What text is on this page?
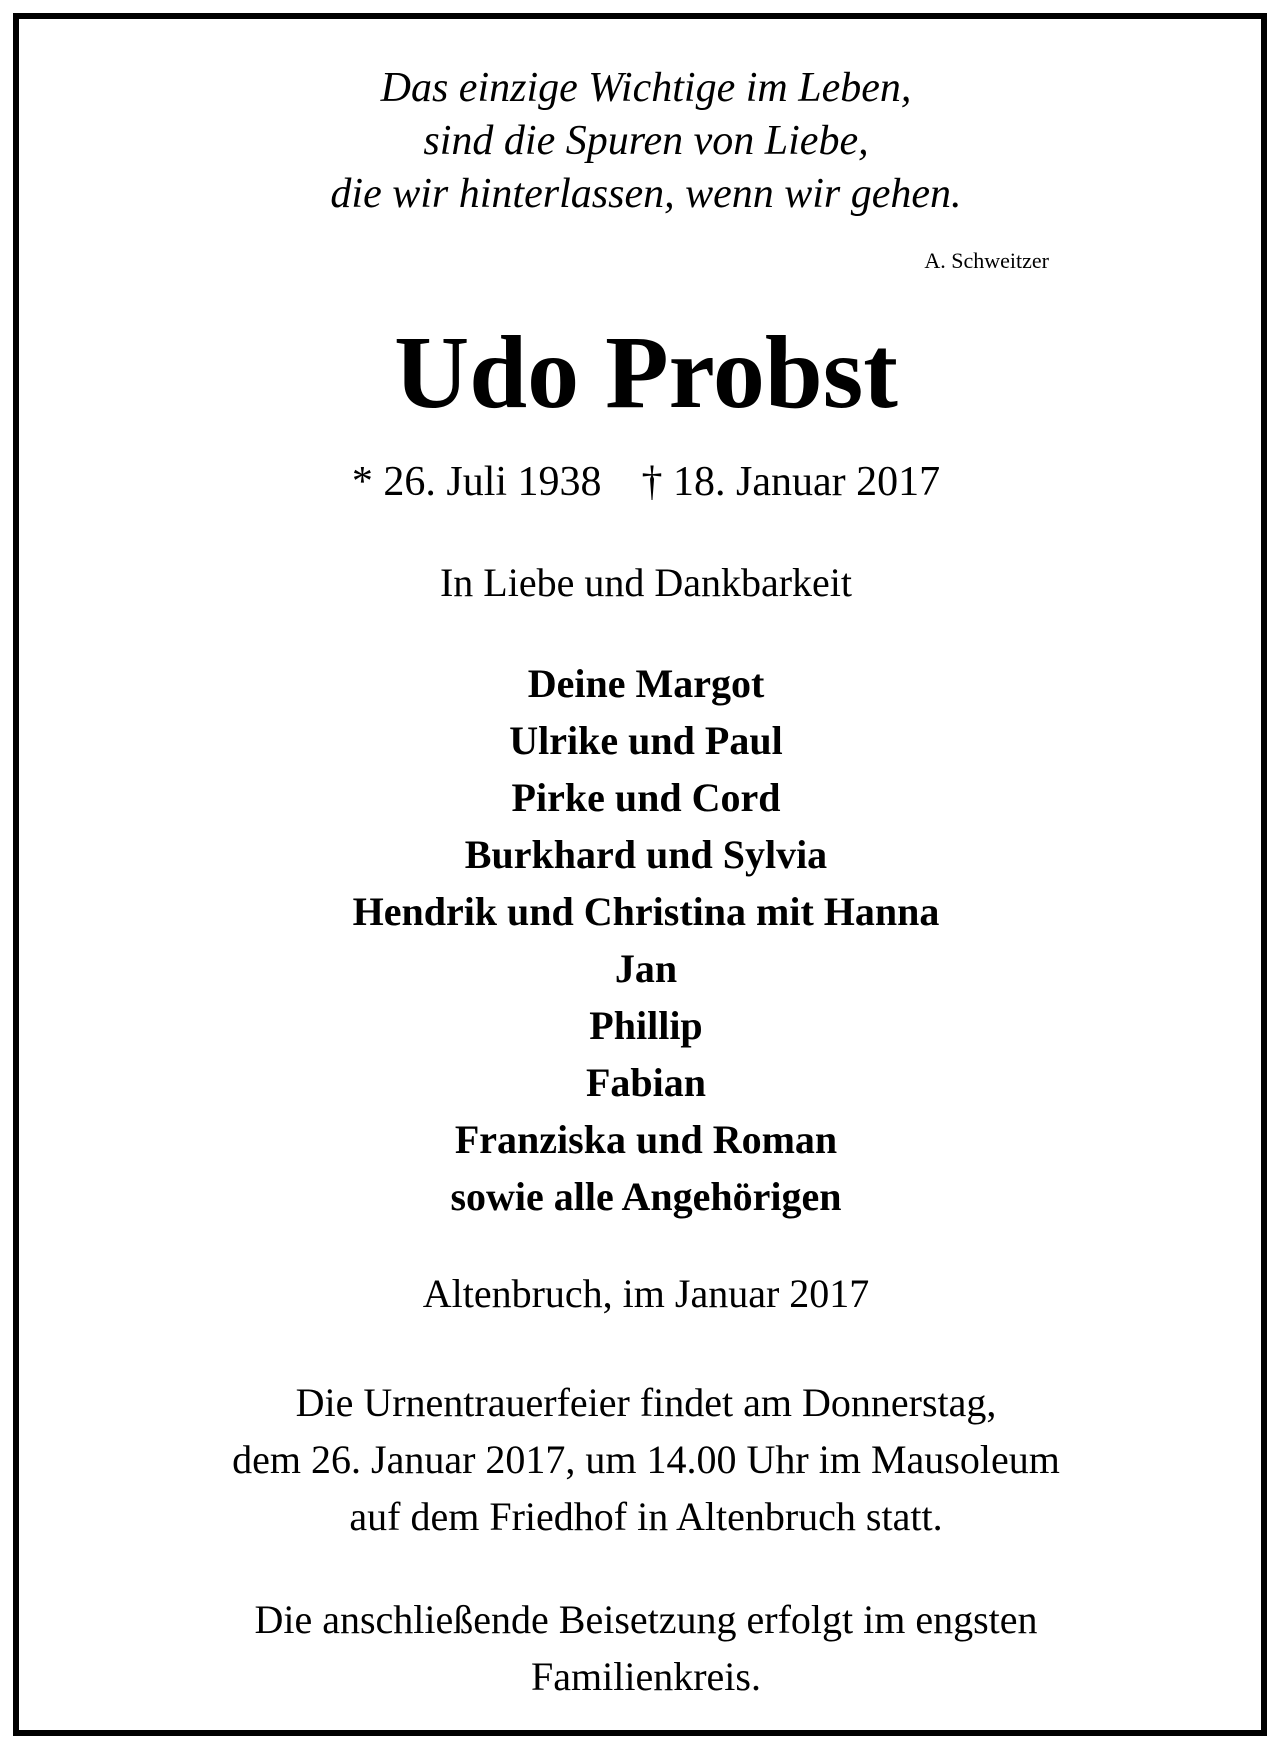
Das einzige Wichtige im Leben,

sind die Spuren von Liebe,

die wir hinterlassen, wenn wir gehen.

A. Schweitzer
Udo Probst

* 26. Juli 1938 † 18. Januar 2017

In Liebe und Dankbarkeit

Deine Margot

Ulrike und Paul

Pirke und Cord

Burkhard und Sylvia

Hendrik und Christina mit Hanna

Jan

Phillip

Fabian

Franziska und Roman

sowie alle Angehörigen

Altenbruch, im Januar 2017

Die Urnentrauerfeier findet am Donnerstag,

dem 26. Januar 2017, um 14.00 Uhr im Mausoleum

auf dem Friedhof in Altenbruch statt.

Die anschließende Beisetzung erfolgt im engsten

Familienkreis.
